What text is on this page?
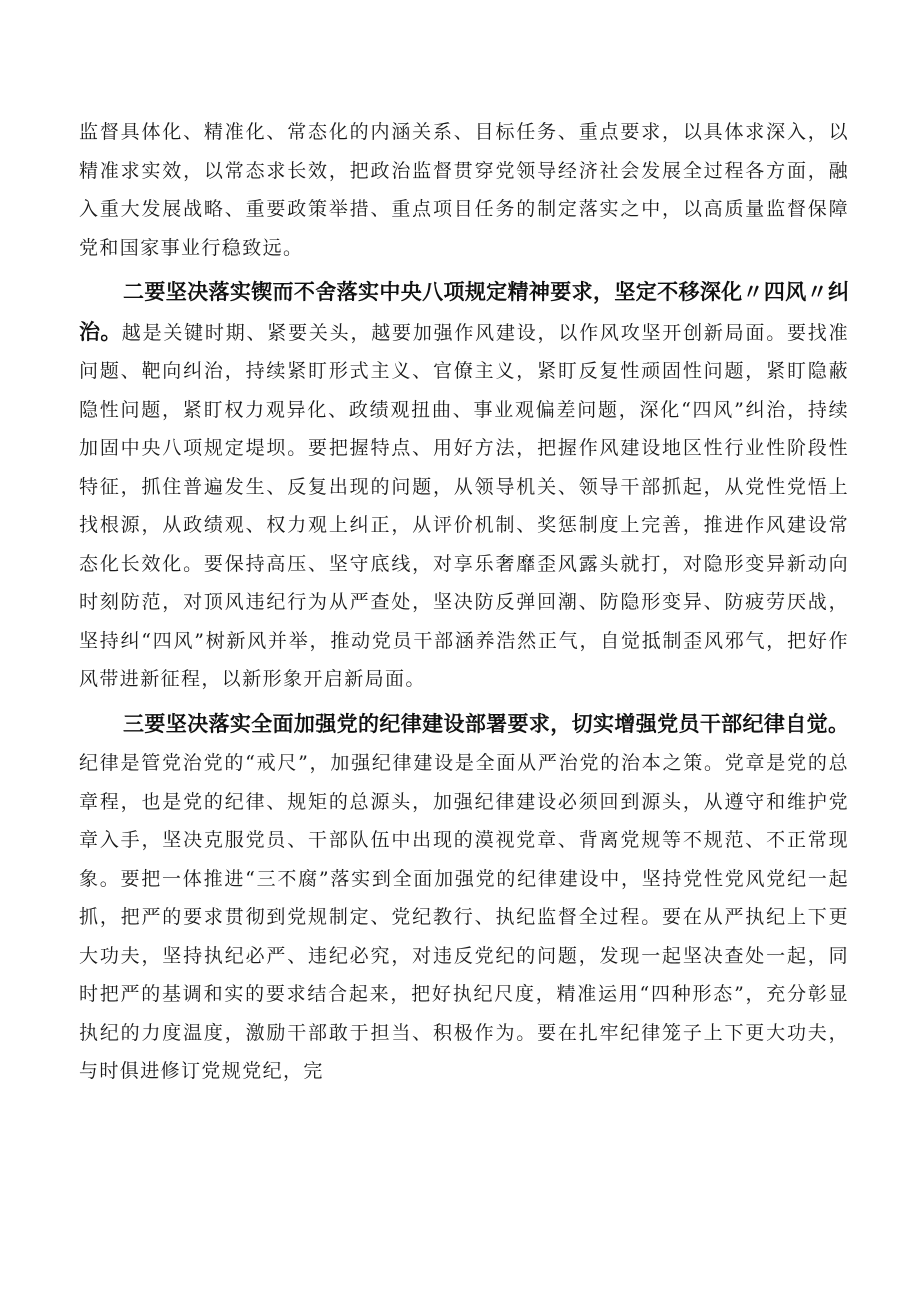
监督具体化、精准化、常态化的内涵关系、目标任务、重点要求，以具体求深入，以精准求实效，以常态求长效，把政治监督贯穿党领导经济社会发展全过程各方面，融入重大发展战略、重要政策举措、重点项目任务的制定落实之中，以高质量监督保障党和国家事业行稳致远。

二要坚决落实锲而不舍落实中央八项规定精神要求，坚定不移深化〃四风〃纠治。越是关键时期、紧要关头，越要加强作风建设，以作风攻坚开创新局面。要找准问题、靶向纠治，持续紧盯形式主义、官僚主义，紧盯反复性顽固性问题，紧盯隐蔽隐性问题，紧盯权力观异化、政绩观扭曲、事业观偏差问题，深化“四风”纠治，持续加固中央八项规定堤坝。要把握特点、用好方法，把握作风建设地区性行业性阶段性特征，抓住普遍发生、反复出现的问题，从领导机关、领导干部抓起，从党性党悟上找根源，从政绩观、权力观上纠正，从评价机制、奖惩制度上完善，推进作风建设常态化长效化。要保持高压、坚守底线，对享乐奢靡歪风露头就打，对隐形变异新动向时刻防范，对顶风违纪行为从严查处，坚决防反弹回潮、防隐形变异、防疲劳厌战，坚持纠“四风”树新风并举，推动党员干部涵养浩然正气，自觉抵制歪风邪气，把好作风带进新征程，以新形象开启新局面。

三要坚决落实全面加强党的纪律建设部署要求，切实增强党员干部纪律自觉。纪律是管党治党的“戒尺”，加强纪律建设是全面从严治党的治本之策。党章是党的总章程，也是党的纪律、规矩的总源头，加强纪律建设必须回到源头，从遵守和维护党章入手，坚决克服党员、干部队伍中出现的漠视党章、背离党规等不规范、不正常现象。要把一体推进“三不腐”落实到全面加强党的纪律建设中，坚持党性党风党纪一起抓，把严的要求贯彻到党规制定、党纪教行、执纪监督全过程。要在从严执纪上下更大功夫，坚持执纪必严、违纪必究，对违反党纪的问题，发现一起坚决查处一起，同时把严的基调和实的要求结合起来，把好执纪尺度，精准运用“四种形态”，充分彰显执纪的力度温度，激励干部敢于担当、积极作为。要在扎牢纪律笼子上下更大功夫，与时俱进修订党规党纪，完
